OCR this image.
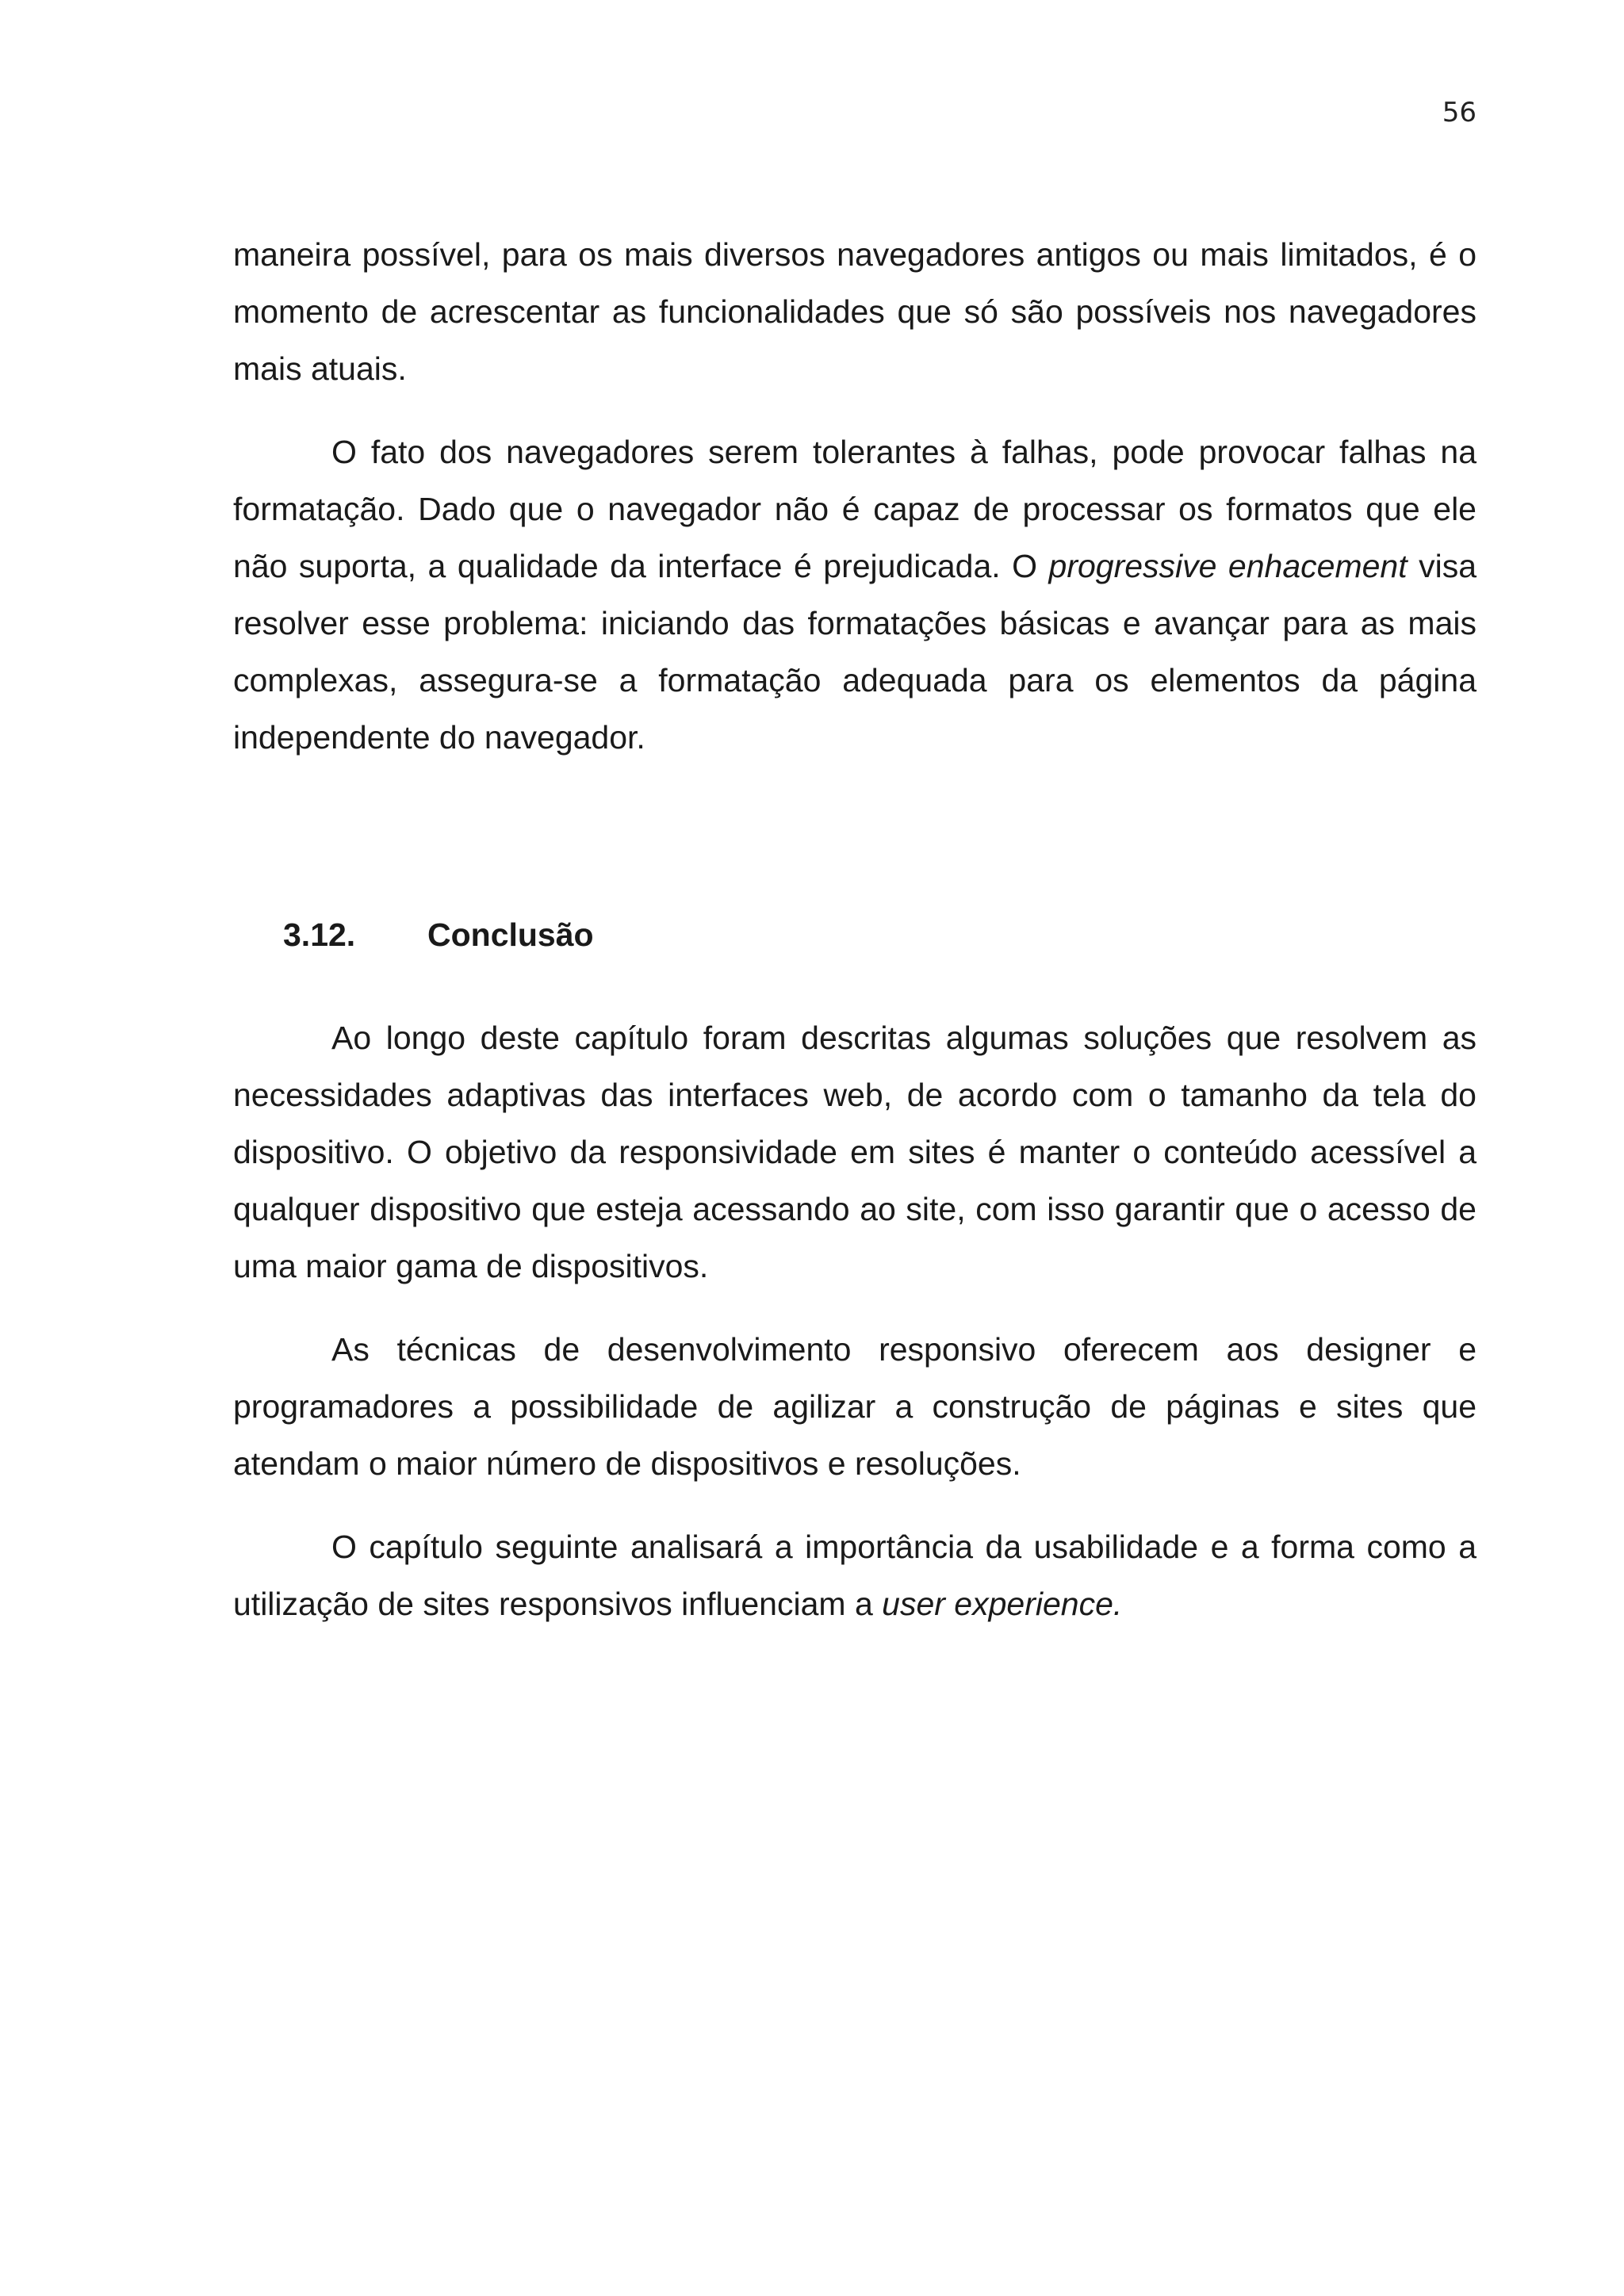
56

maneira possível, para os mais diversos navegadores antigos ou mais limitados, é o momento de acrescentar as funcionalidades que só são possíveis nos navegadores mais atuais.

O fato dos navegadores serem tolerantes à falhas, pode provocar falhas na formatação. Dado que o navegador não é capaz de processar os formatos que ele não suporta, a qualidade da interface é prejudicada. O progressive enhacement visa resolver esse problema: iniciando das formatações básicas e avançar para as mais complexas, assegura-se a formatação adequada para os elementos da página independente do navegador.

3.12. Conclusão

Ao longo deste capítulo foram descritas algumas soluções que resolvem as necessidades adaptivas das interfaces web, de acordo com o tamanho da tela do dispositivo. O objetivo da responsividade em sites é manter o conteúdo acessível a qualquer dispositivo que esteja acessando ao site, com isso garantir que o acesso de uma maior gama de dispositivos.

As técnicas de desenvolvimento responsivo oferecem aos designer e programadores a possibilidade de agilizar a construção de páginas e sites que atendam o maior número de dispositivos e resoluções.

O capítulo seguinte analisará a importância da usabilidade e a forma como a utilização de sites responsivos influenciam a user experience.
